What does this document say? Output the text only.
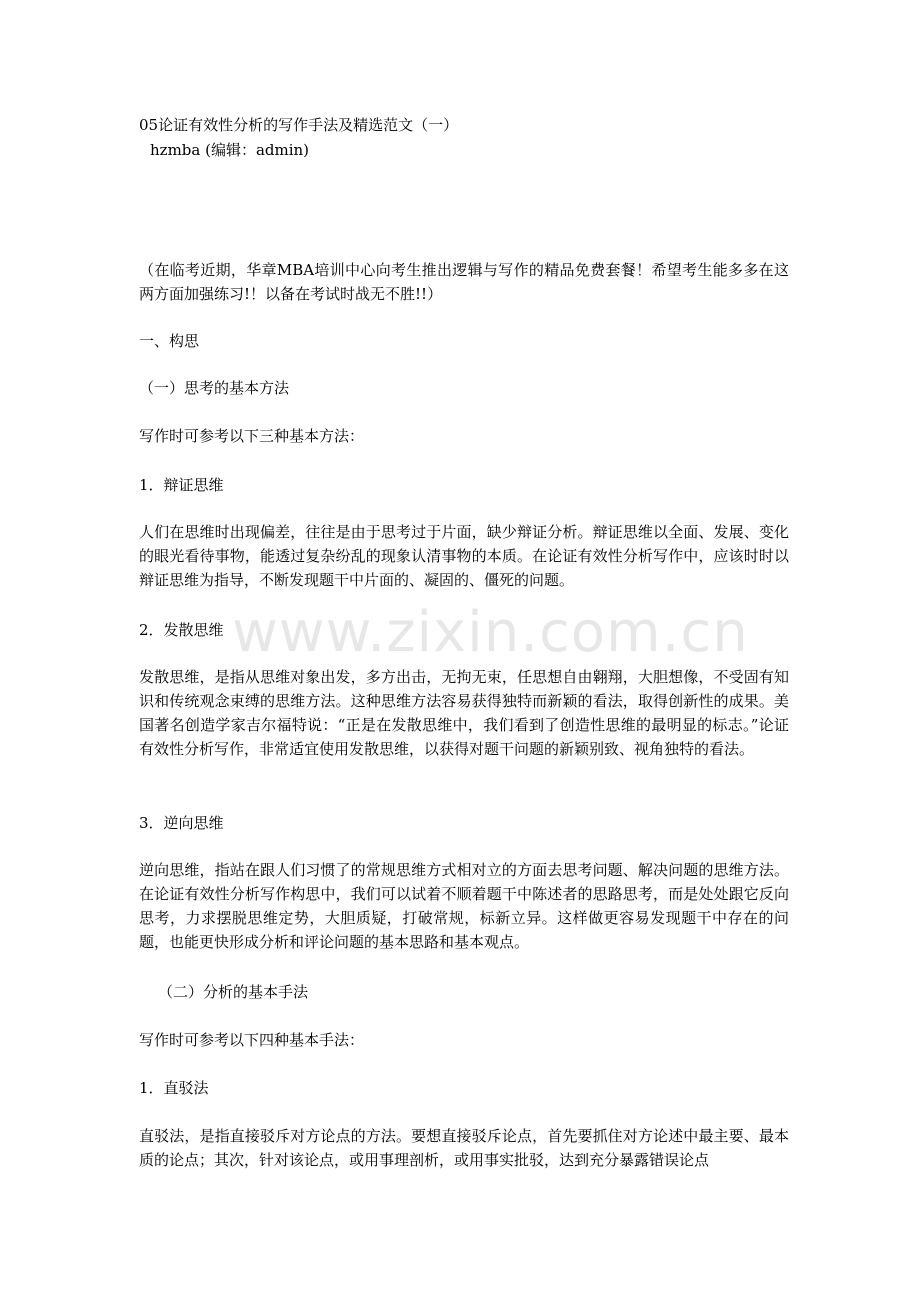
www.zixin.com.cn
05论证有效性分析的写作手法及精选范文（一）
hzmba (编辑：admin)
（在临考近期，华章MBA培训中心向考生推出逻辑与写作的精品免费套餐！希望考生能多多在这两方面加强练习!！以备在考试时战无不胜!!）
一、构思
（一）思考的基本方法
写作时可参考以下三种基本方法：
1．辩证思维
人们在思维时出现偏差，往往是由于思考过于片面，缺少辩证分析。辩证思维以全面、发展、变化的眼光看待事物，能透过复杂纷乱的现象认清事物的本质。在论证有效性分析写作中，应该时时以辩证思维为指导，不断发现题干中片面的、凝固的、僵死的问题。
2．发散思维
发散思维，是指从思维对象出发，多方出击，无拘无束，任思想自由翱翔，大胆想像，不受固有知识和传统观念束缚的思维方法。这种思维方法容易获得独特而新颖的看法，取得创新性的成果。美国著名创造学家吉尔福特说：“正是在发散思维中，我们看到了创造性思维的最明显的标志。”论证有效性分析写作，非常适宜使用发散思维，以获得对题干问题的新颖别致、视角独特的看法。
3．逆向思维
逆向思维，指站在跟人们习惯了的常规思维方式相对立的方面去思考问题、解决问题的思维方法。在论证有效性分析写作构思中，我们可以试着不顺着题干中陈述者的思路思考，而是处处跟它反向思考，力求摆脱思维定势，大胆质疑，打破常规，标新立异。这样做更容易发现题干中存在的问题，也能更快形成分析和评论问题的基本思路和基本观点。
（二）分析的基本手法
写作时可参考以下四种基本手法：
1．直驳法
直驳法，是指直接驳斥对方论点的方法。要想直接驳斥论点，首先要抓住对方论述中最主要、最本质的论点；其次，针对该论点，或用事理剖析，或用事实批驳，达到充分暴露错误论点
